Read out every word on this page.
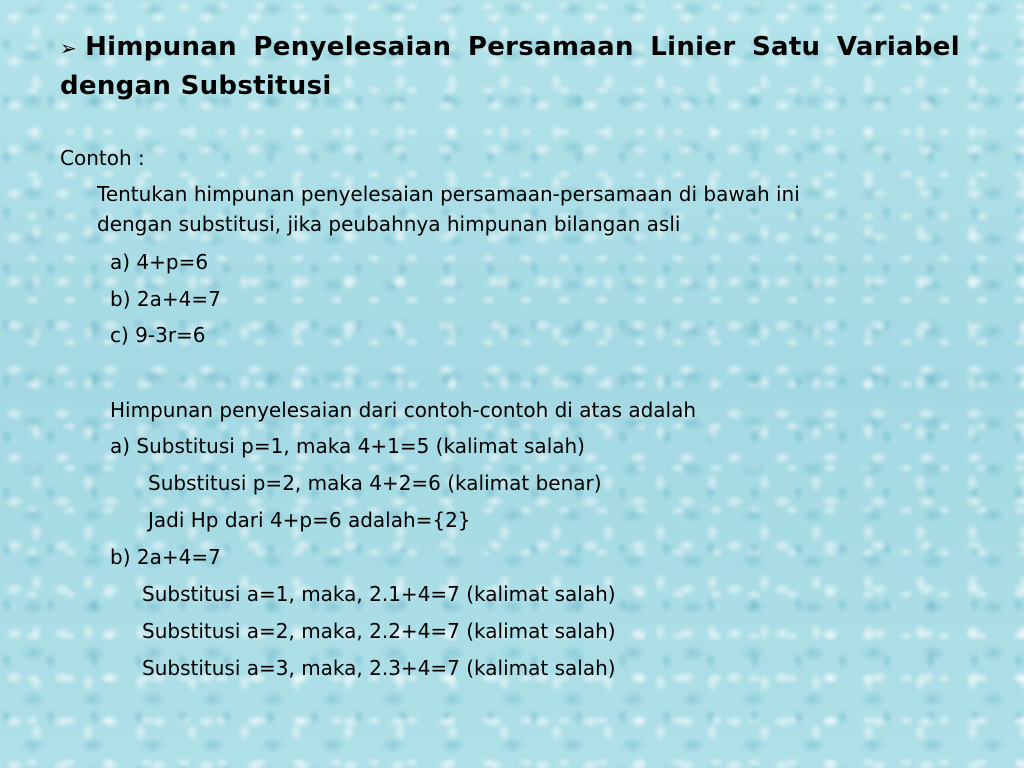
➢ Himpunan Penyelesaian Persamaan Linier Satu Variabel
dengan Substitusi
Contoh :
Tentukan himpunan penyelesaian persamaan-persamaan di bawah ini
dengan substitusi, jika peubahnya himpunan bilangan asli
a) 4+p=6
b) 2a+4=7
c) 9-3r=6
Himpunan penyelesaian dari contoh-contoh di atas adalah
a) Substitusi p=1, maka 4+1=5 (kalimat salah)
Substitusi p=2, maka 4+2=6 (kalimat benar)
Jadi Hp dari 4+p=6 adalah={2}
b) 2a+4=7
Substitusi a=1, maka, 2.1+4=7 (kalimat salah)
Substitusi a=2, maka, 2.2+4=7 (kalimat salah)
Substitusi a=3, maka, 2.3+4=7 (kalimat salah)
